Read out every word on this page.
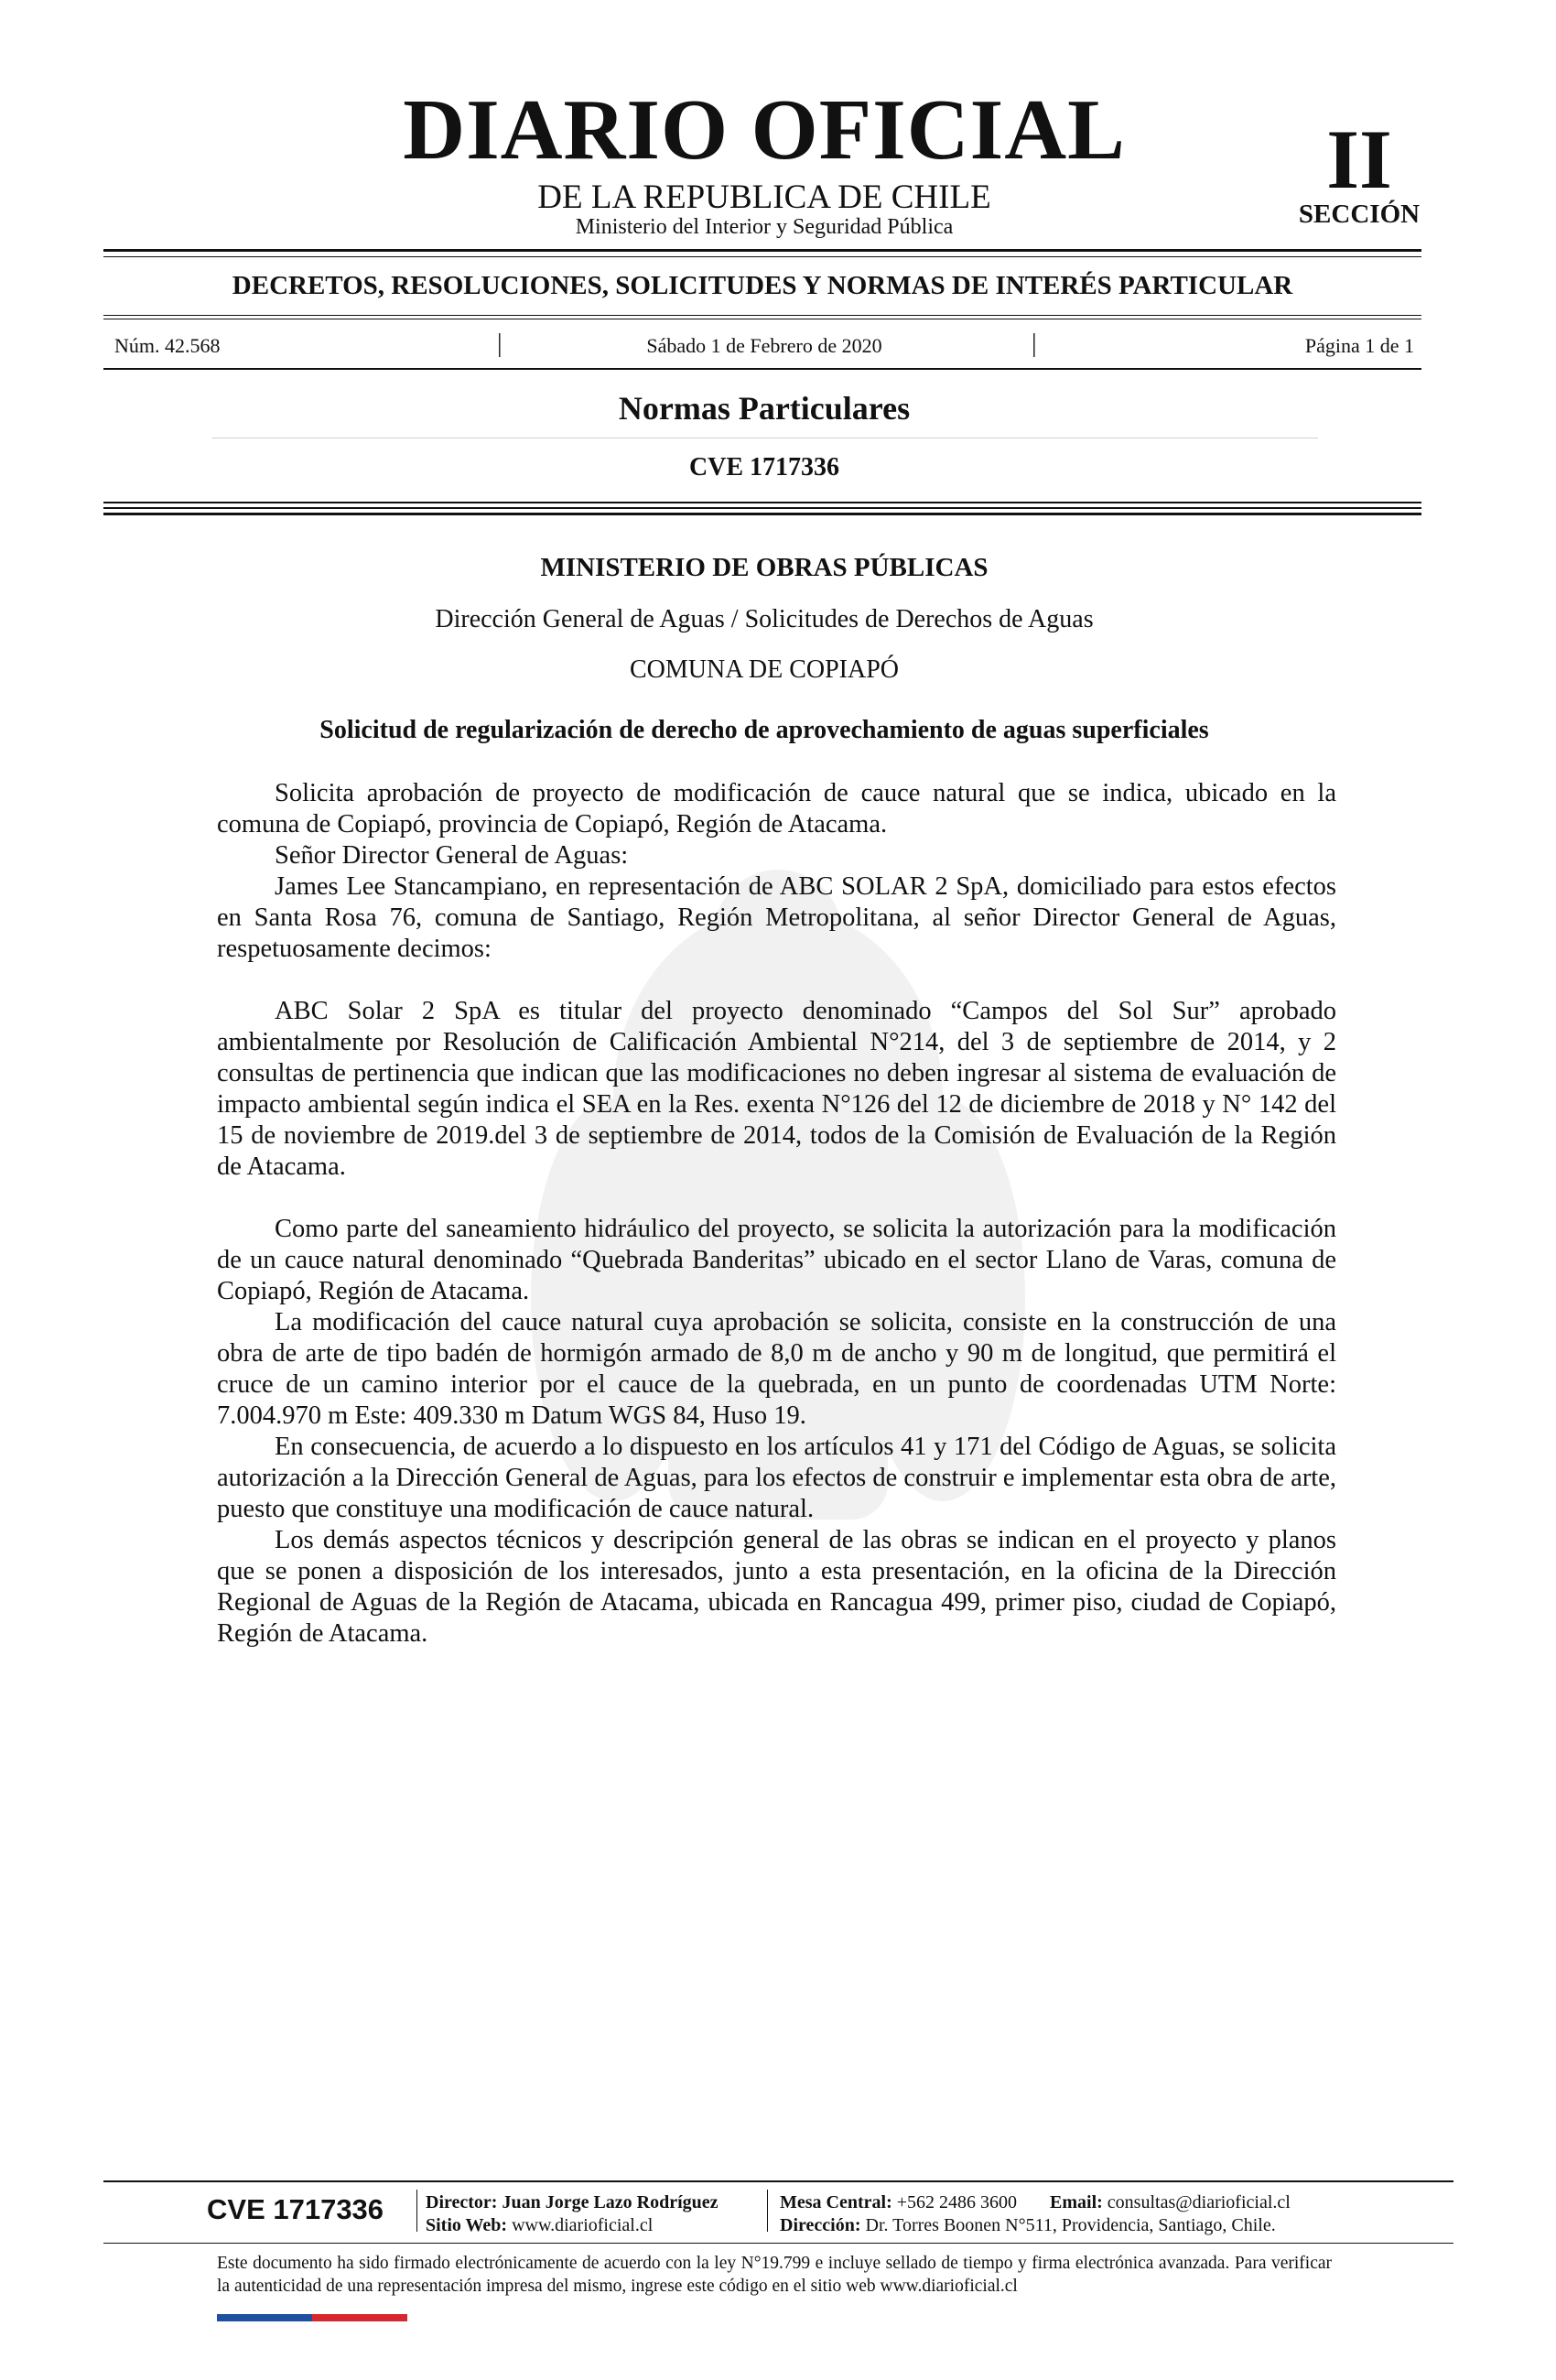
DIARIO OFICIAL
DE LA REPUBLICA DE CHILE
Ministerio del Interior y Seguridad Pública
II
SECCIÓN
DECRETOS, RESOLUCIONES, SOLICITUDES Y NORMAS DE INTERÉS PARTICULAR
Núm. 42.568	|	Sábado 1 de Febrero de 2020	|	Página 1 de 1
Normas Particulares
CVE 1717336
MINISTERIO DE OBRAS PÚBLICAS
Dirección General de Aguas / Solicitudes de Derechos de Aguas
COMUNA DE COPIAPÓ
Solicitud de regularización de derecho de aprovechamiento de aguas superficiales

Solicita aprobación de proyecto de modificación de cauce natural que se indica, ubicado en la comuna de Copiapó, provincia de Copiapó, Región de Atacama.

Señor Director General de Aguas:

James Lee Stancampiano, en representación de ABC SOLAR 2 SpA, domiciliado para estos efectos en Santa Rosa 76, comuna de Santiago, Región Metropolitana, al señor Director General de Aguas, respetuosamente decimos:

ABC Solar 2 SpA es titular del proyecto denominado “Campos del Sol Sur” aprobado ambientalmente por Resolución de Calificación Ambiental N°214, del 3 de septiembre de 2014, y 2 consultas de pertinencia que indican que las modificaciones no deben ingresar al sistema de evaluación de impacto ambiental según indica el SEA en la Res. exenta N°126 del 12 de diciembre de 2018 y N° 142 del 15 de noviembre de 2019.del 3 de septiembre de 2014, todos de la Comisión de Evaluación de la Región de Atacama.

Como parte del saneamiento hidráulico del proyecto, se solicita la autorización para la modificación de un cauce natural denominado “Quebrada Banderitas” ubicado en el sector Llano de Varas, comuna de Copiapó, Región de Atacama.

La modificación del cauce natural cuya aprobación se solicita, consiste en la construcción de una obra de arte de tipo badén de hormigón armado de 8,0 m de ancho y 90 m de longitud, que permitirá el cruce de un camino interior por el cauce de la quebrada, en un punto de coordenadas UTM Norte: 7.004.970 m Este: 409.330 m Datum WGS 84, Huso 19.

En consecuencia, de acuerdo a lo dispuesto en los artículos 41 y 171 del Código de Aguas, se solicita autorización a la Dirección General de Aguas, para los efectos de construir e implementar esta obra de arte, puesto que constituye una modificación de cauce natural.

Los demás aspectos técnicos y descripción general de las obras se indican en el proyecto y planos que se ponen a disposición de los interesados, junto a esta presentación, en la oficina de la Dirección Regional de Aguas de la Región de Atacama, ubicada en Rancagua 499, primer piso, ciudad de Copiapó, Región de Atacama.

CVE 1717336	Director: Juan Jorge Lazo Rodríguez
Sitio Web: www.diarioficial.cl
Mesa Central: +562 2486 3600 Email: consultas@diarioficial.cl
Dirección: Dr. Torres Boonen N°511, Providencia, Santiago, Chile.
Este documento ha sido firmado electrónicamente de acuerdo con la ley N°19.799 e incluye sellado de tiempo y firma electrónica avanzada. Para verificar la autenticidad de una representación impresa del mismo, ingrese este código en el sitio web www.diarioficial.cl
